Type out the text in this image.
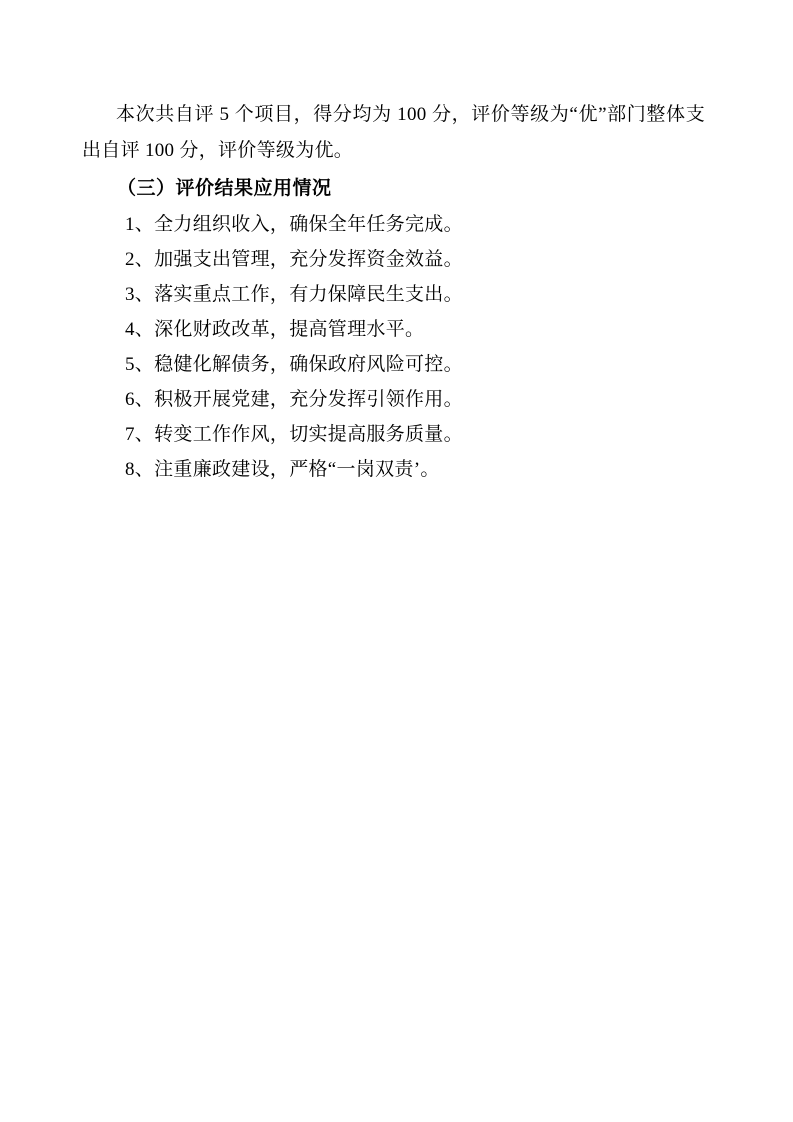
本次共自评 5 个项目，得分均为 100 分，评价等级为“优”部门整体支出自评 100 分，评价等级为优。

（三）评价结果应用情况
1、全力组织收入，确保全年任务完成。
2、加强支出管理，充分发挥资金效益。
3、落实重点工作，有力保障民生支出。
4、深化财政改革，提高管理水平。
5、稳健化解债务，确保政府风险可控。
6、积极开展党建，充分发挥引领作用。
7、转变工作作风，切实提高服务质量。
8、注重廉政建设，严格“一岗双责’。
